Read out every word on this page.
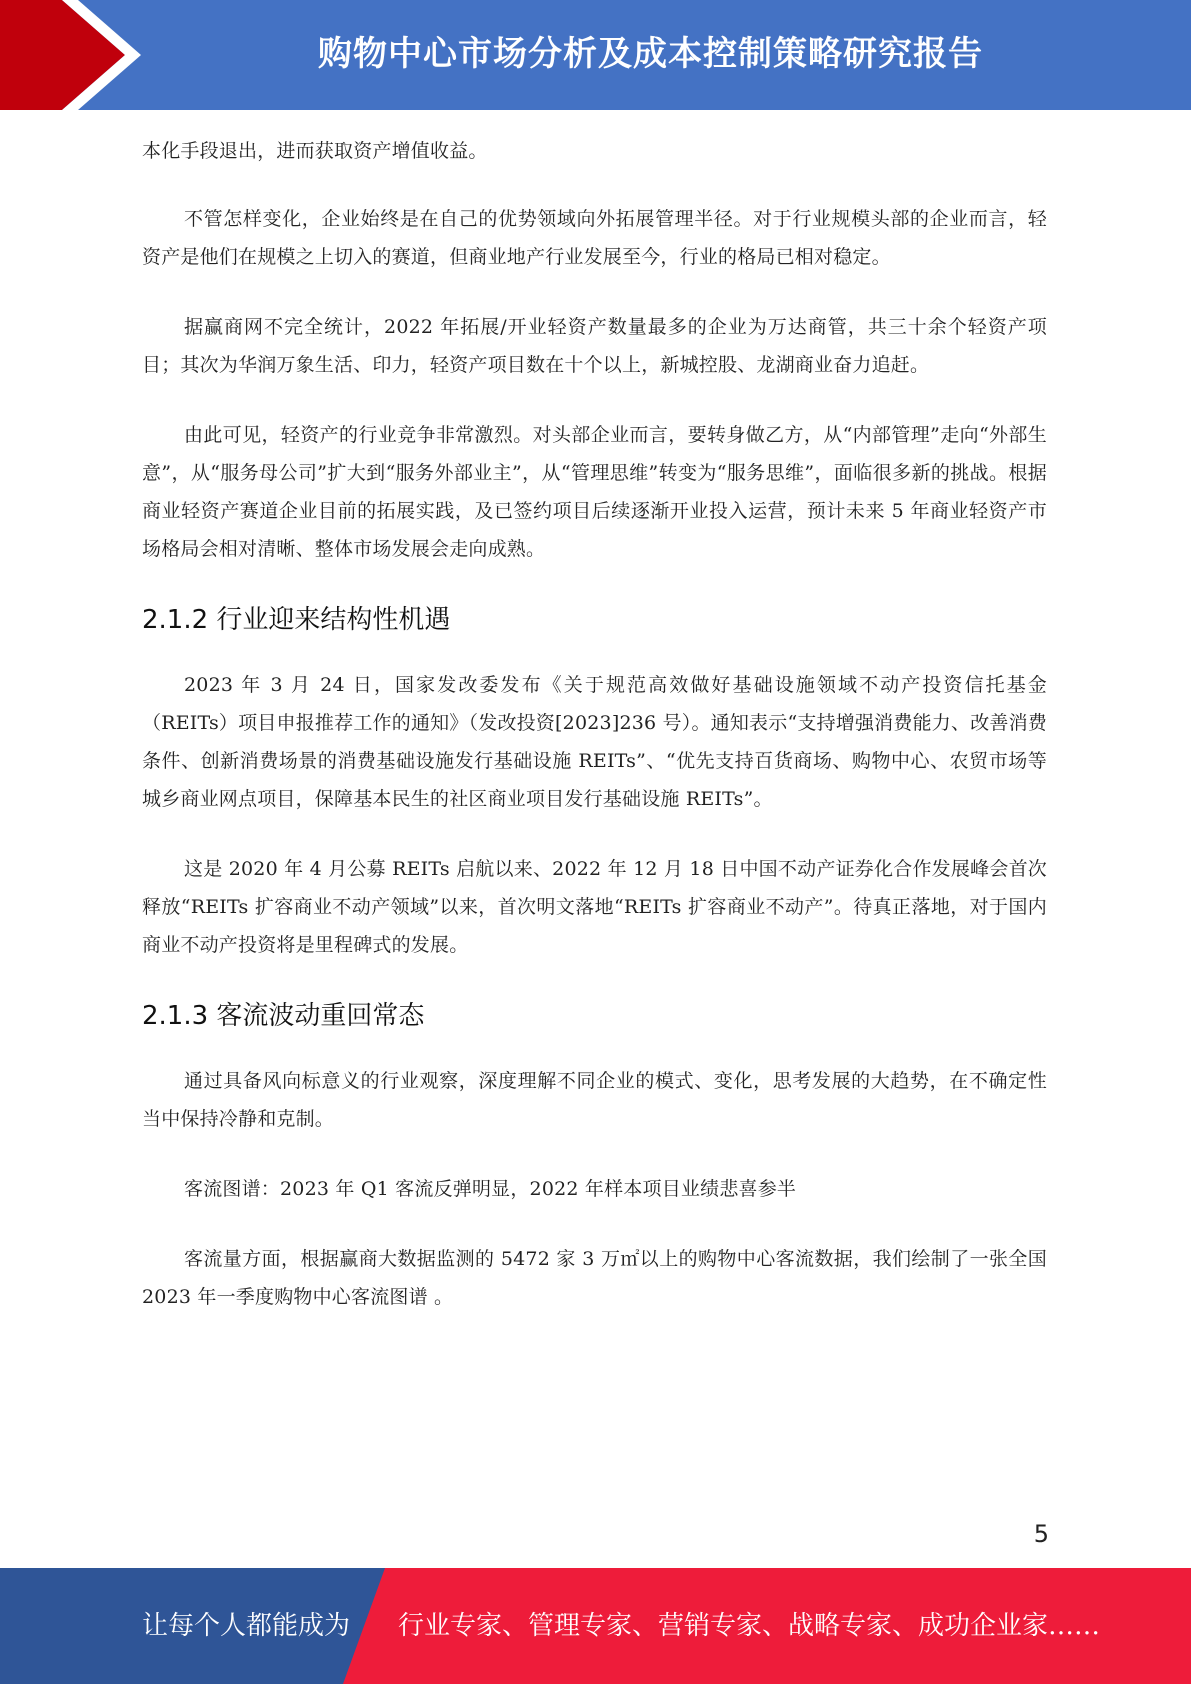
购物中心市场分析及成本控制策略研究报告

本化手段退出，进而获取资产增值收益。

不管怎样变化，企业始终是在自己的优势领域向外拓展管理半径。对于行业规模头部的企业而言，轻资产是他们在规模之上切入的赛道，但商业地产行业发展至今，行业的格局已相对稳定。

据赢商网不完全统计，2022 年拓展/开业轻资产数量最多的企业为万达商管，共三十余个轻资产项目；其次为华润万象生活、印力，轻资产项目数在十个以上，新城控股、龙湖商业奋力追赶。

由此可见，轻资产的行业竞争非常激烈。对头部企业而言，要转身做乙方，从“内部管理”走向“外部生意”，从“服务母公司”扩大到“服务外部业主”，从“管理思维”转变为“服务思维”，面临很多新的挑战。根据商业轻资产赛道企业目前的拓展实践，及已签约项目后续逐渐开业投入运营，预计未来 5 年商业轻资产市场格局会相对清晰、整体市场发展会走向成熟。

2.1.2 行业迎来结构性机遇

2023 年 3 月 24 日，国家发改委发布《关于规范高效做好基础设施领域不动产投资信托基金（REITs）项目申报推荐工作的通知》（发改投资[2023]236 号）。通知表示“支持增强消费能力、改善消费条件、创新消费场景的消费基础设施发行基础设施 REITs”、“优先支持百货商场、购物中心、农贸市场等城乡商业网点项目，保障基本民生的社区商业项目发行基础设施 REITs”。

这是 2020 年 4 月公募 REITs 启航以来、2022 年 12 月 18 日中国不动产证券化合作发展峰会首次释放“REITs 扩容商业不动产领域”以来，首次明文落地“REITs 扩容商业不动产”。待真正落地，对于国内商业不动产投资将是里程碑式的发展。

2.1.3 客流波动重回常态

通过具备风向标意义的行业观察，深度理解不同企业的模式、变化，思考发展的大趋势，在不确定性当中保持冷静和克制。

客流图谱：2023 年 Q1 客流反弹明显，2022 年样本项目业绩悲喜参半

客流量方面，根据赢商大数据监测的 5472 家 3 万㎡以上的购物中心客流数据，我们绘制了一张全国 2023 年一季度购物中心客流图谱 。

5
让每个人都能成为 行业专家、管理专家、营销专家、战略专家、成功企业家……
